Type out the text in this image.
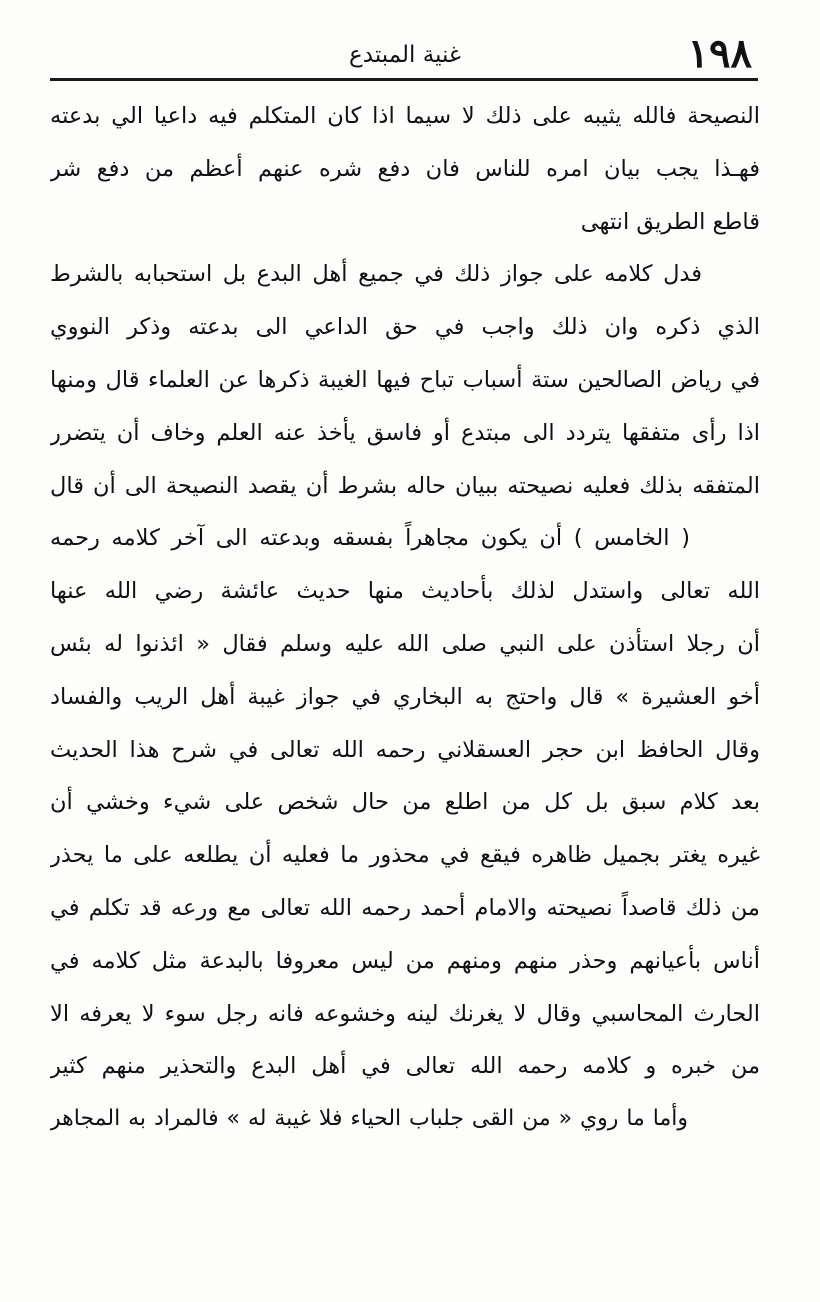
١٩٨
غنية المبتدع
النصيحة فالله يثيبه على ذلك لا سيما اذا كان المتكلم فيه داعيا الي بدعته
فهـذا يجب بيان امره للناس فان دفع شره عنهم أعظم من دفع شر
قاطع الطريق انتهى
فدل كلامه على جواز ذلك في جميع أهل البدع بل استحبابه بالشرط
الذي ذكره وان ذلك واجب في حق الداعي الى بدعته وذكر النووي
في رياض الصالحين ستة أسباب تباح فيها الغيبة ذكرها عن العلماء قال ومنها
اذا رأى متفقها يتردد الى مبتدع أو فاسق يأخذ عنه العلم وخاف أن يتضرر
المتفقه بذلك فعليه نصيحته ببيان حاله بشرط أن يقصد النصيحة الى أن قال
( الخامس ) أن يكون مجاهراً بفسقه وبدعته الى آخر كلامه رحمه
الله تعالى واستدل لذلك بأحاديث منها حديث عائشة رضي الله عنها
أن رجلا استأذن على النبي صلى الله عليه وسلم فقال « ائذنوا له بئس
أخو العشيرة » قال واحتج به البخاري في جواز غيبة أهل الريب والفساد
وقال الحافظ ابن حجر العسقلاني رحمه الله تعالى في شرح هذا الحديث
بعد كلام سبق بل كل من اطلع من حال شخص على شيء وخشي أن
غيره يغتر بجميل ظاهره فيقع في محذور ما فعليه أن يطلعه على ما يحذر
من ذلك قاصداً نصيحته والامام أحمد رحمه الله تعالى مع ورعه قد تكلم في
أناس بأعيانهم وحذر منهم ومنهم من ليس معروفا بالبدعة مثل كلامه في
الحارث المحاسبي وقال لا يغرنك لينه وخشوعه فانه رجل سوء لا يعرفه الا
من خبره و كلامه رحمه الله تعالى في أهل البدع والتحذير منهم كثير
وأما ما روي « من القى جلباب الحياء فلا غيبة له » فالمراد به المجاهر
